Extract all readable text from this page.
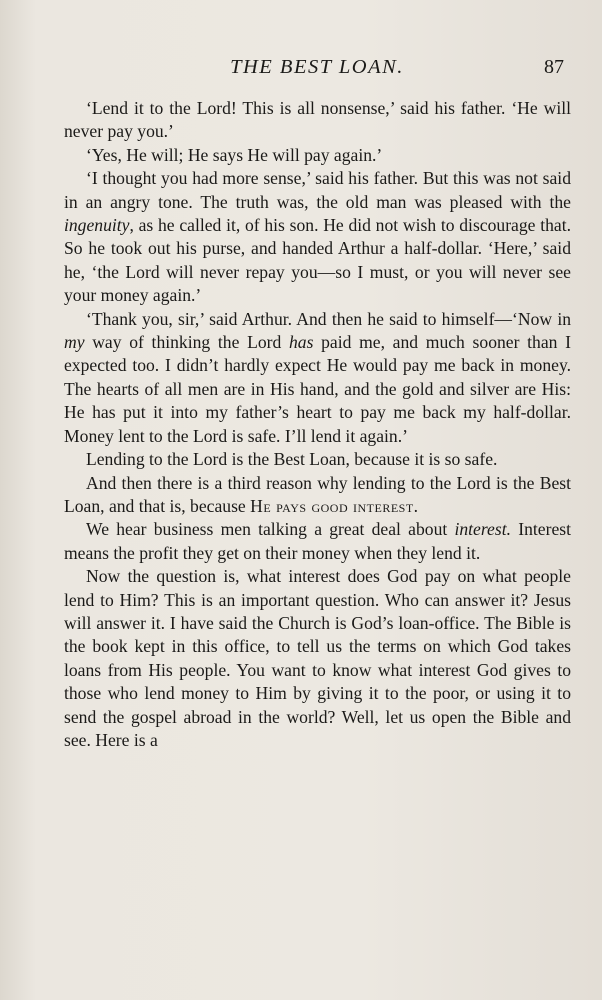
THE BEST LOAN.	87

‘Lend it to the Lord! This is all nonsense,’ said his father. ‘He will never pay you.’

‘Yes, He will; He says He will pay again.’

‘I thought you had more sense,’ said his father. But this was not said in an angry tone. The truth was, the old man was pleased with the ingenuity, as he called it, of his son. He did not wish to discourage that. So he took out his purse, and handed Arthur a half-dollar. ‘Here,’ said he, ‘the Lord will never repay you—so I must, or you will never see your money again.’

‘Thank you, sir,’ said Arthur. And then he said to himself—‘Now in my way of thinking the Lord has paid me, and much sooner than I expected too. I didn’t hardly expect He would pay me back in money. The hearts of all men are in His hand, and the gold and silver are His: He has put it into my father’s heart to pay me back my half-dollar. Money lent to the Lord is safe. I’ll lend it again.’

Lending to the Lord is the Best Loan, because it is so safe.

And then there is a third reason why lending to the Lord is the Best Loan, and that is, because He pays good interest.

We hear business men talking a great deal about interest. Interest means the profit they get on their money when they lend it.

Now the question is, what interest does God pay on what people lend to Him? This is an important question. Who can answer it? Jesus will answer it. I have said the Church is God’s loan-office. The Bible is the book kept in this office, to tell us the terms on which God takes loans from His people. You want to know what interest God gives to those who lend money to Him by giving it to the poor, or using it to send the gospel abroad in the world? Well, let us open the Bible and see. Here is a
